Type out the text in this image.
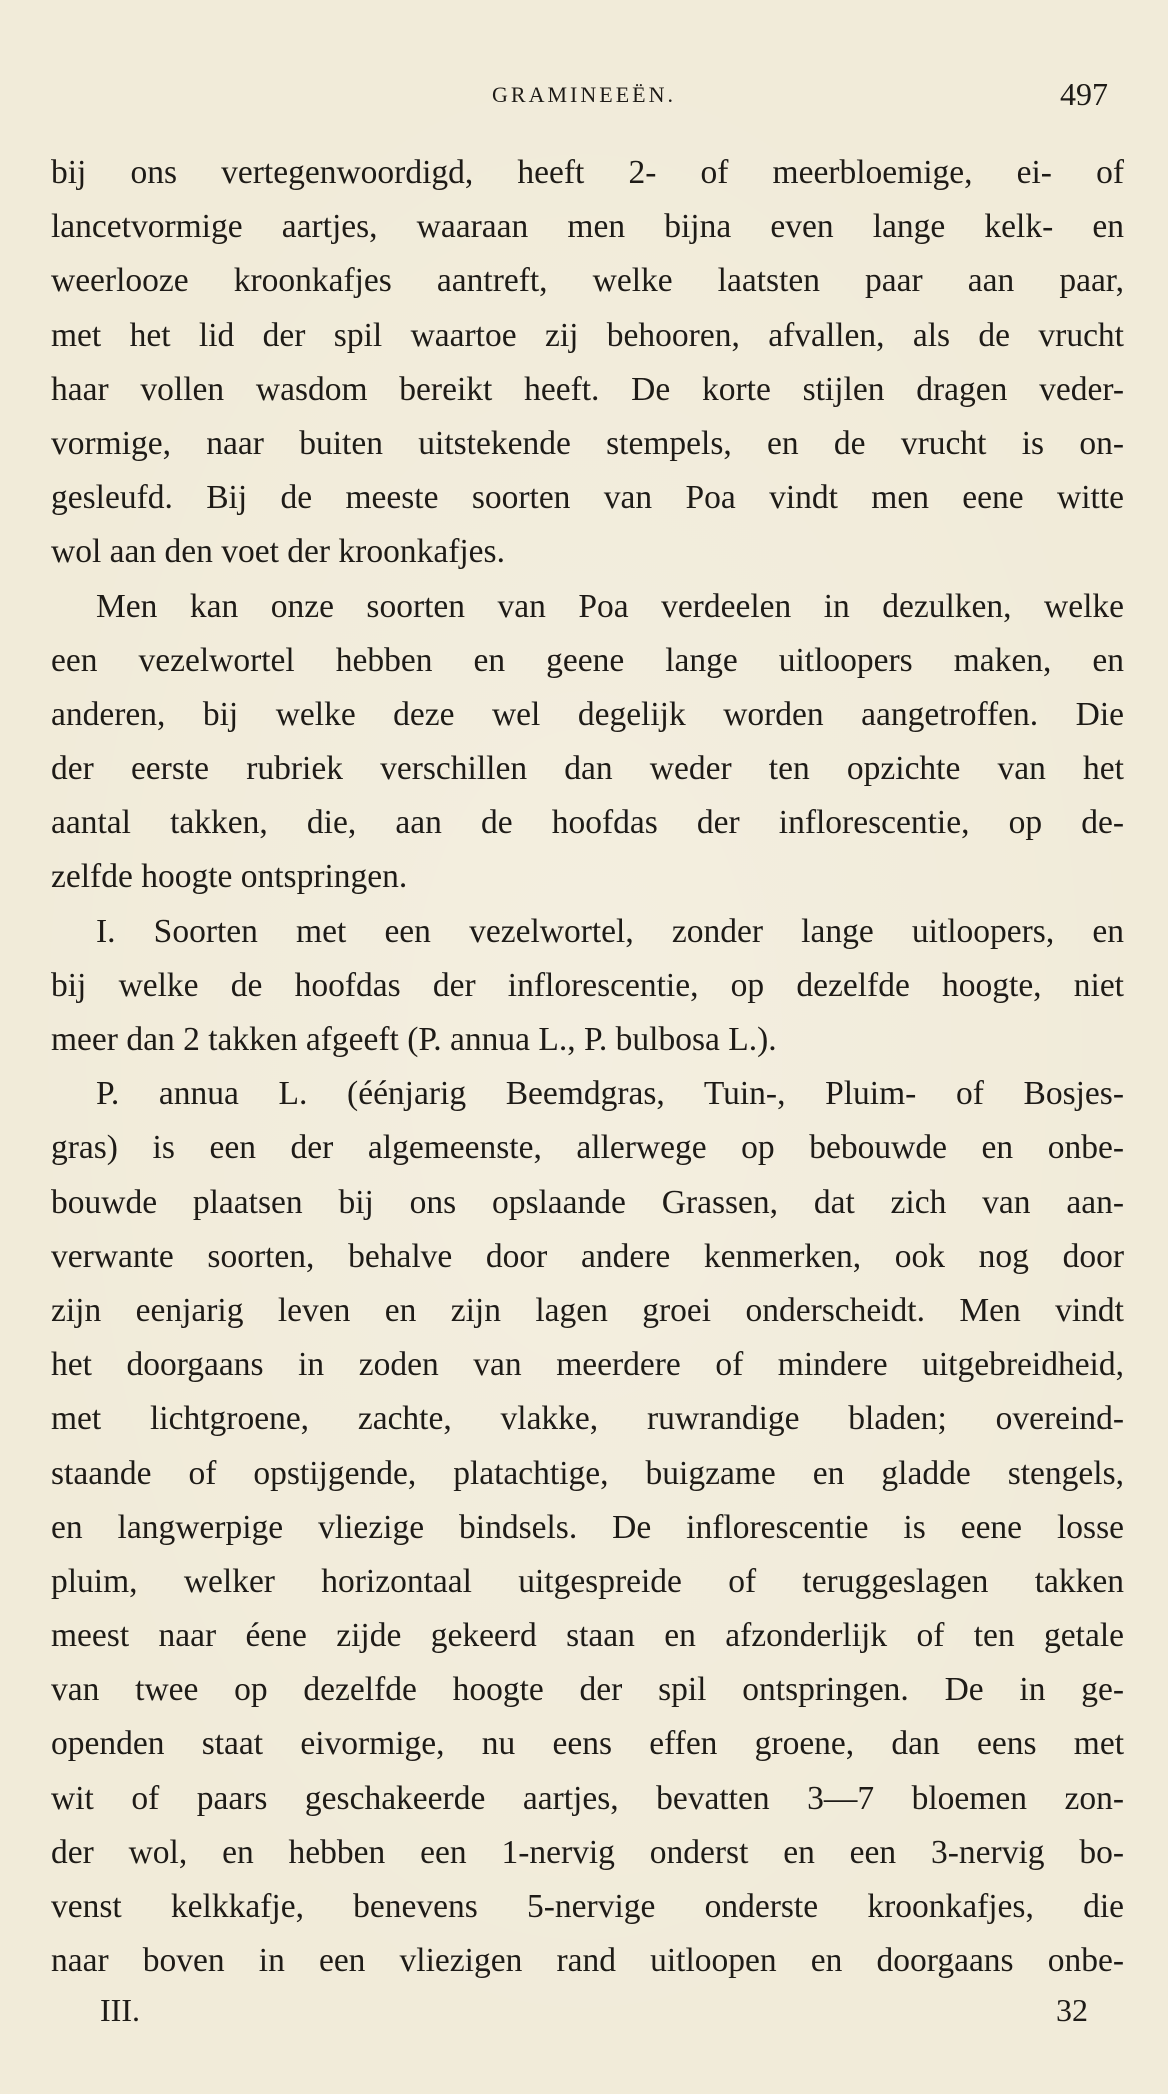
GRAMINEEËN.	497
bij ons vertegenwoordigd, heeft 2- of meerbloemige, ei- of
lancetvormige aartjes, waaraan men bijna even lange kelk- en
weerlooze kroonkafjes aantreft, welke laatsten paar aan paar,
met het lid der spil waartoe zij behooren, afvallen, als de vrucht
haar vollen wasdom bereikt heeft. De korte stijlen dragen veder-
vormige, naar buiten uitstekende stempels, en de vrucht is on-
gesleufd. Bij de meeste soorten van Poa vindt men eene witte
wol aan den voet der kroonkafjes.
Men kan onze soorten van Poa verdeelen in dezulken, welke
een vezelwortel hebben en geene lange uitloopers maken, en
anderen, bij welke deze wel degelijk worden aangetroffen. Die
der eerste rubriek verschillen dan weder ten opzichte van het
aantal takken, die, aan de hoofdas der inflorescentie, op de-
zelfde hoogte ontspringen.
I. Soorten met een vezelwortel, zonder lange uitloopers, en
bij welke de hoofdas der inflorescentie, op dezelfde hoogte, niet
meer dan 2 takken afgeeft (P. annua L., P. bulbosa L.).
P. annua L. (éénjarig Beemdgras, Tuin-, Pluim- of Bosjes-
gras) is een der algemeenste, allerwege op bebouwde en onbe-
bouwde plaatsen bij ons opslaande Grassen, dat zich van aan-
verwante soorten, behalve door andere kenmerken, ook nog door
zijn eenjarig leven en zijn lagen groei onderscheidt. Men vindt
het doorgaans in zoden van meerdere of mindere uitgebreidheid,
met lichtgroene, zachte, vlakke, ruwrandige bladen; overeind-
staande of opstijgende, platachtige, buigzame en gladde stengels,
en langwerpige vliezige bindsels. De inflorescentie is eene losse
pluim, welker horizontaal uitgespreide of teruggeslagen takken
meest naar éene zijde gekeerd staan en afzonderlijk of ten getale
van twee op dezelfde hoogte der spil ontspringen. De in ge-
openden staat eivormige, nu eens effen groene, dan eens met
wit of paars geschakeerde aartjes, bevatten 3—7 bloemen zon-
der wol, en hebben een 1-nervig onderst en een 3-nervig bo-
venst kelkkafje, benevens 5-nervige onderste kroonkafjes, die
naar boven in een vliezigen rand uitloopen en doorgaans onbe-
III.	32
